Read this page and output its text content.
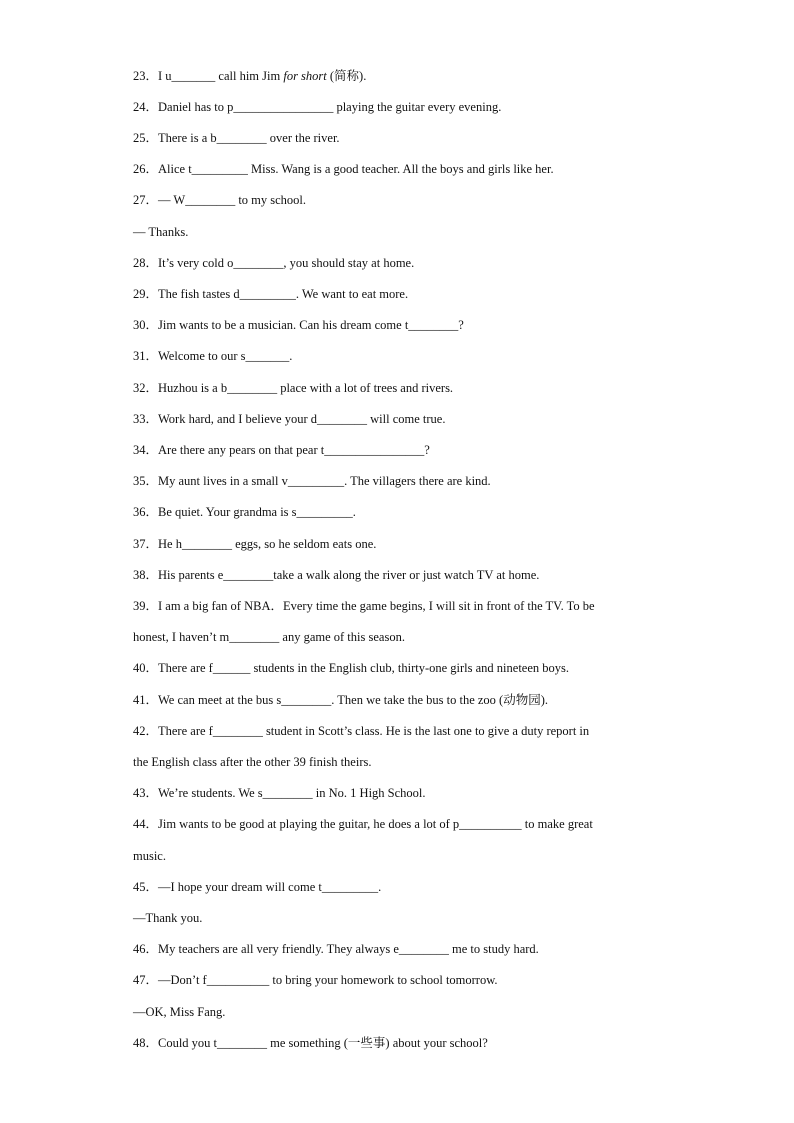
23．I u_______ call him Jim for short (简称).
24．Daniel has to p________________ playing the guitar every evening.
25．There is a b________ over the river.
26．Alice t_________ Miss. Wang is a good teacher. All the boys and girls like her.
27．— W________ to my school.
— Thanks.
28．It’s very cold o________, you should stay at home.
29．The fish tastes d_________. We want to eat more.
30．Jim wants to be a musician. Can his dream come t________?
31．Welcome to our s_______.
32．Huzhou is a b________ place with a lot of trees and rivers.
33．Work hard, and I believe your d________ will come true.
34．Are there any pears on that pear t________________?
35．My aunt lives in a small v_________. The villagers there are kind.
36．Be quiet. Your grandma is s_________.
37．He h________ eggs, so he seldom eats one.
38．His parents e________take a walk along the river or just watch TV at home.
39．I am a big fan of NBA．Every time the game begins, I will sit in front of the TV. To be
honest, I haven’t m________ any game of this season.
40．There are f______ students in the English club, thirty-one girls and nineteen boys.
41．We can meet at the bus s________. Then we take the bus to the zoo (动物园).
42．There are f________ student in Scott’s class. He is the last one to give a duty report in
the English class after the other 39 finish theirs.
43．We’re students. We s________ in No. 1 High School.
44．Jim wants to be good at playing the guitar, he does a lot of p__________ to make great
music.
45．—I hope your dream will come t_________.
—Thank you.
46．My teachers are all very friendly. They always e________ me to study hard.
47．—Don’t f__________ to bring your homework to school tomorrow.
—OK, Miss Fang.
48．Could you t________ me something (一些事) about your school?
